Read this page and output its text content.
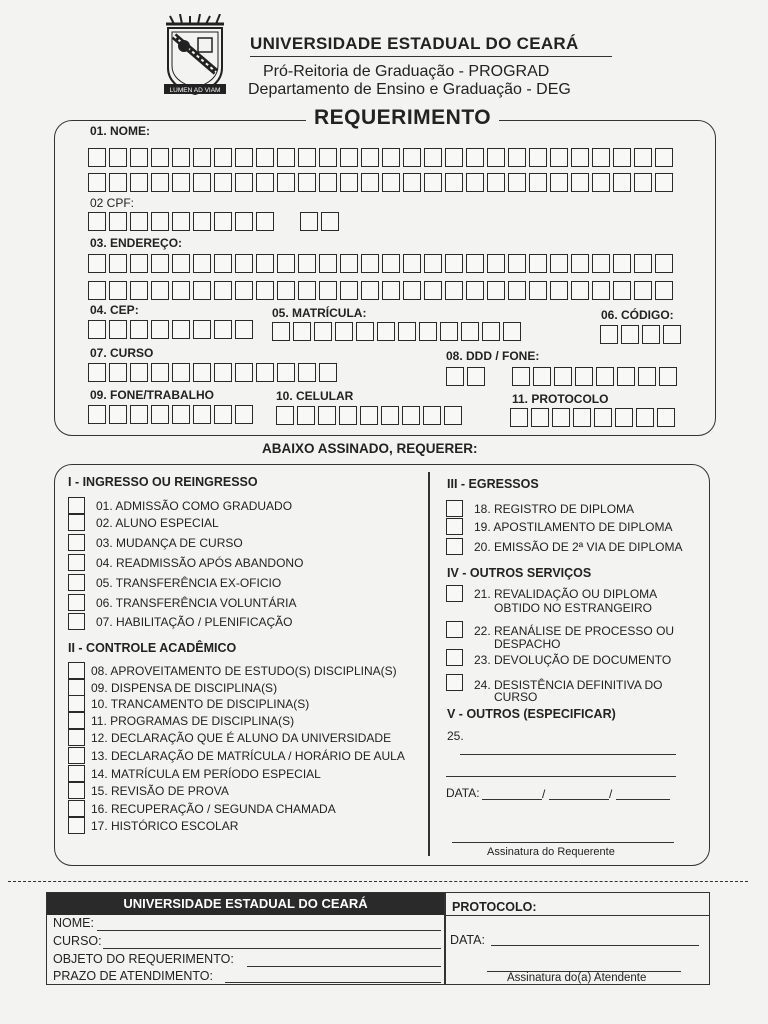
LUMEN AD VIAM
UNIVERSIDADE ESTADUAL DO CEARÁ
Pró-Reitoria de Graduação - PROGRAD
Departamento de Ensino e Graduação - DEG
REQUERIMENTO
01. NOME:
02 CPF:
03. ENDEREÇO:
04. CEP:	05. MATRÍCULA:	06. CÓDIGO:
07. CURSO	08. DDD / FONE:
09. FONE/TRABALHO	10. CELULAR	11. PROTOCOLO
ABAIXO ASSINADO, REQUERER:
I - INGRESSO OU REINGRESSO
01. ADMISSÃO COMO GRADUADO
02. ALUNO ESPECIAL
03. MUDANÇA DE CURSO
04. READMISSÃO APÓS ABANDONO
05. TRANSFERÊNCIA EX-OFICIO
06. TRANSFERÊNCIA VOLUNTÁRIA
07. HABILITAÇÃO / PLENIFICAÇÃO
II - CONTROLE ACADÊMICO
08. APROVEITAMENTO DE ESTUDO(S) DISCIPLINA(S)
09. DISPENSA DE DISCIPLINA(S)
10. TRANCAMENTO DE DISCIPLINA(S)
11. PROGRAMAS DE DISCIPLINA(S)
12. DECLARAÇÃO QUE É ALUNO DA UNIVERSIDADE
13. DECLARAÇÃO DE MATRÍCULA / HORÁRIO DE AULA
14. MATRÍCULA EM PERÍODO ESPECIAL
15. REVISÃO DE PROVA
16. RECUPERAÇÃO / SEGUNDA CHAMADA
17. HISTÓRICO ESCOLAR
III - EGRESSOS
18. REGISTRO DE DIPLOMA
19. APOSTILAMENTO DE DIPLOMA
20. EMISSÃO DE 2ª VIA DE DIPLOMA
IV - OUTROS SERVIÇOS
21. REVALIDAÇÃO OU DIPLOMA
OBTIDO NO ESTRANGEIRO
22. REANÁLISE DE PROCESSO OU
DESPACHO
23. DEVOLUÇÃO DE DOCUMENTO
24. DESISTÊNCIA DEFINITIVA DO
CURSO
V - OUTROS (ESPECIFICAR)
25.
DATA:	/	/
Assinatura do Requerente
UNIVERSIDADE ESTADUAL DO CEARÁ
NOME:
CURSO:
OBJETO DO REQUERIMENTO:
PRAZO DE ATENDIMENTO:
PROTOCOLO:
DATA:
Assinatura do(a) Atendente
